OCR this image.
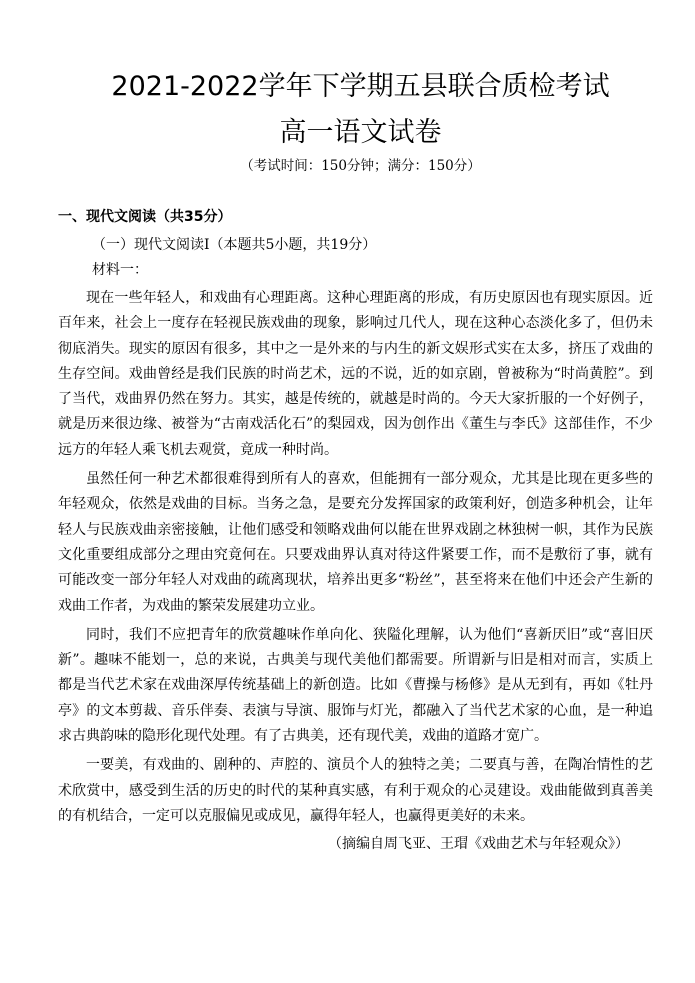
2021-2022学年下学期五县联合质检考试
高一语文试卷
（考试时间：150分钟；满分：150分）
一、现代文阅读（共35分）
（一）现代文阅读Ⅰ（本题共5小题，共19分）
材料一：

现在一些年轻人，和戏曲有心理距离。这种心理距离的形成，有历史原因也有现实原因。近百年来，社会上一度存在轻视民族戏曲的现象，影响过几代人，现在这种心态淡化多了，但仍未彻底消失。现实的原因有很多，其中之一是外来的与内生的新文娱形式实在太多，挤压了戏曲的生存空间。戏曲曾经是我们民族的时尚艺术，远的不说，近的如京剧，曾被称为“时尚黄腔”。到了当代，戏曲界仍然在努力。其实，越是传统的，就越是时尚的。今天大家折服的一个好例子，就是历来很边缘、被誉为“古南戏活化石”的梨园戏，因为创作出《董生与李氏》这部佳作，不少远方的年轻人乘飞机去观赏，竟成一种时尚。

虽然任何一种艺术都很难得到所有人的喜欢，但能拥有一部分观众，尤其是比现在更多些的年轻观众，依然是戏曲的目标。当务之急，是要充分发挥国家的政策利好，创造多种机会，让年轻人与民族戏曲亲密接触，让他们感受和领略戏曲何以能在世界戏剧之林独树一帜，其作为民族文化重要组成部分之理由究竟何在。只要戏曲界认真对待这件紧要工作，而不是敷衍了事，就有可能改变一部分年轻人对戏曲的疏离现状，培养出更多“粉丝”，甚至将来在他们中还会产生新的戏曲工作者，为戏曲的繁荣发展建功立业。

同时，我们不应把青年的欣赏趣味作单向化、狭隘化理解，认为他们“喜新厌旧”或“喜旧厌新”。趣味不能划一，总的来说，古典美与现代美他们都需要。所谓新与旧是相对而言，实质上都是当代艺术家在戏曲深厚传统基础上的新创造。比如《曹操与杨修》是从无到有，再如《牡丹亭》的文本剪裁、音乐伴奏、表演与导演、服饰与灯光，都融入了当代艺术家的心血，是一种追求古典韵味的隐形化现代处理。有了古典美，还有现代美，戏曲的道路才宽广。

一要美，有戏曲的、剧种的、声腔的、演员个人的独特之美；二要真与善，在陶冶情性的艺术欣赏中，感受到生活的历史的时代的某种真实感，有利于观众的心灵建设。戏曲能做到真善美的有机结合，一定可以克服偏见或成见，赢得年轻人，也赢得更美好的未来。

（摘编自周飞亚、王瑁《戏曲艺术与年轻观众》）
